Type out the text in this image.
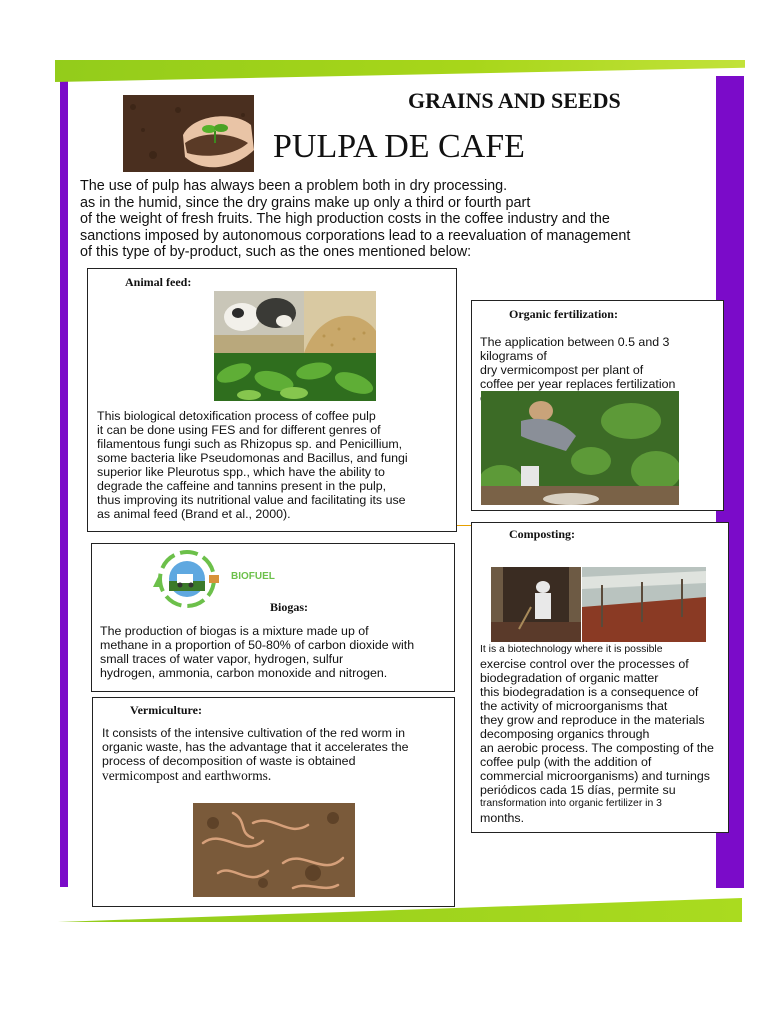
GRAINS AND SEEDS
PULPA DE CAFE
The use of pulp has always been a problem both in dry processing.
as in the humid, since the dry grains make up only a third or fourth part
of the weight of fresh fruits. The high production costs in the coffee industry and the
sanctions imposed by autonomous corporations lead to a reevaluation of management
of this type of by-product, such as the ones mentioned below:
Animal feed:
This biological detoxification process of coffee pulp
it can be done using FES and for different genres of
filamentous fungi such as Rhizopus sp. and Penicillium,
some bacteria like Pseudomonas and Bacillus, and fungi
superior like Pleurotus spp., which have the ability to
degrade the caffeine and tannins present in the pulp,
thus improving its nutritional value and facilitating its use
as animal feed (Brand et al., 2000).
Organic fertilization:
The application between 0.5 and 3 kilograms of
dry vermicompost per plant of
coffee per year replaces fertilization
BIOFUEL
Biogas:
The production of biogas is a mixture made up of
methane in a proportion of 50-80% of carbon dioxide with
small traces of water vapor, hydrogen, sulfur
hydrogen, ammonia, carbon monoxide and nitrogen.
Composting:
It is a biotechnology where it is possible
exercise control over the processes of
biodegradation of organic matter
this biodegradation is a consequence of
the activity of microorganisms that
they grow and reproduce in the materials
decomposing organics through
an aerobic process. The composting of the
coffee pulp (with the addition of
commercial microorganisms) and turnings
periódicos cada 15 días, permite su
transformation into organic fertilizer in 3
months.
Vermiculture:
It consists of the intensive cultivation of the red worm in
organic waste, has the advantage that it accelerates the
process of decomposition of waste is obtained
vermicompost and earthworms.
